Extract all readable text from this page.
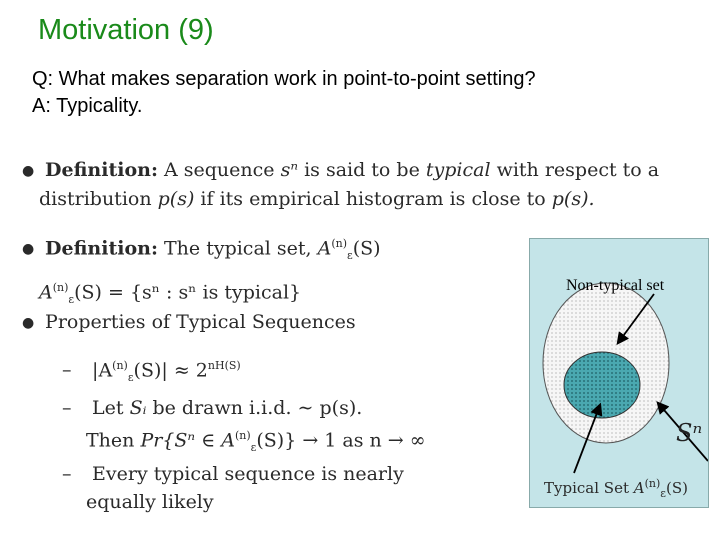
Motivation (9)
Q: What makes separation work in point-to-point setting?
A: Typicality.
● Definition: A sequence sⁿ is said to be typical with respect to a
distribution p(s) if its empirical histogram is close to p(s).
● Definition: The typical set, $A^{(n)}_\varepsilon(S)$
$A^{(n)}_\varepsilon(S) = \{s^n$ : sⁿ is typical}
● Properties of Typical Sequences
– $|A^{(n)}_\varepsilon(S)| \approx 2^{nH(S)}$
– Let Sᵢ be drawn i.i.d. ∼ p(s).
Then Pr{Sⁿ ∈ $A^{(n)}_\varepsilon(S)\} \to 1$ as n → ∞
– Every typical sequence is nearly
equally likely
Non-typical set
Sⁿ
Typical Set $A^{(n)}_\varepsilon(S)$
